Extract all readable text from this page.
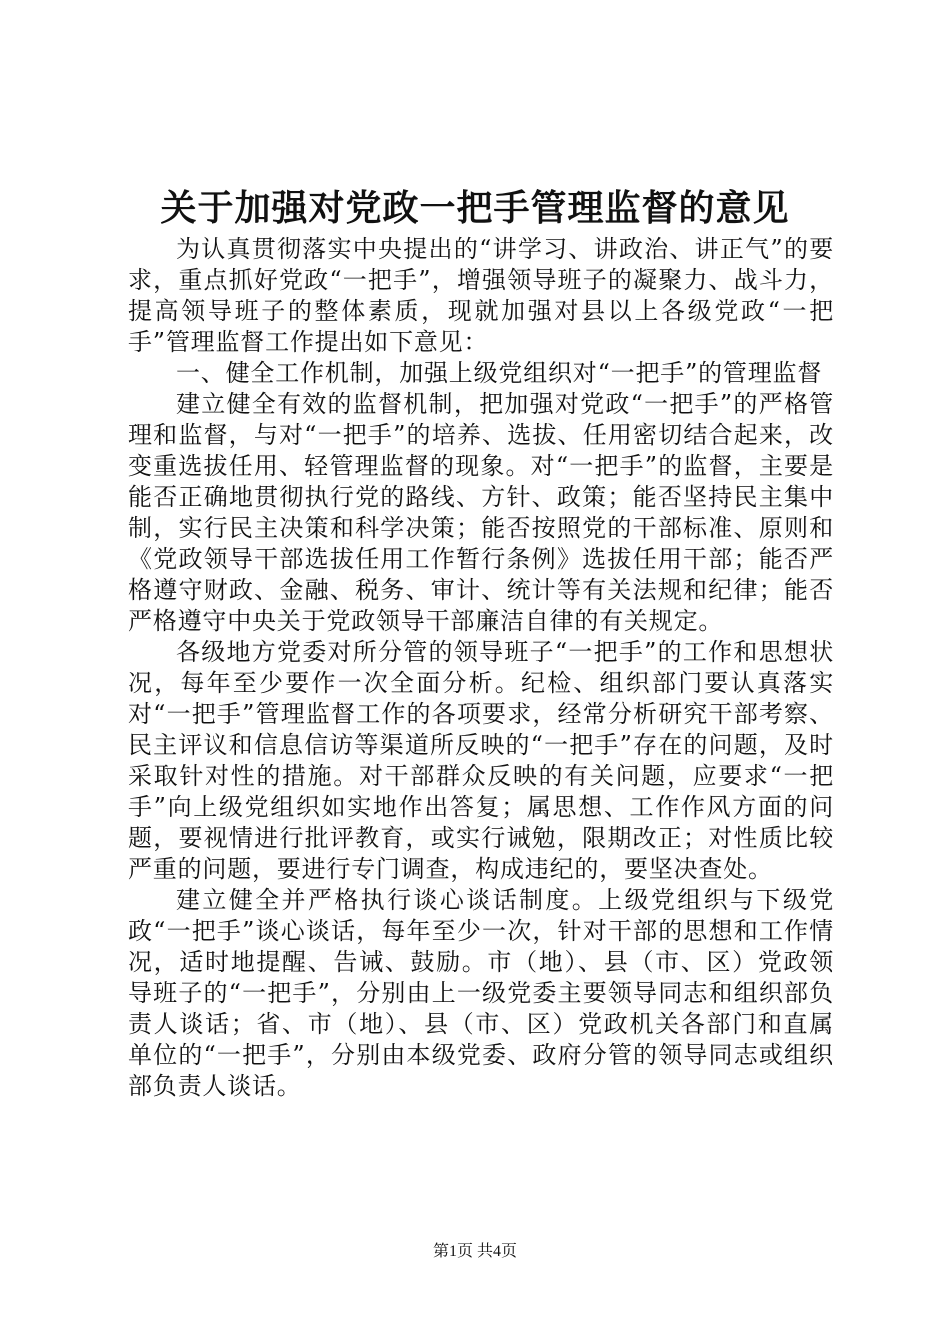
关于加强对党政一把手管理监督的意见

为认真贯彻落实中央提出的“讲学习、讲政治、讲正气”的要求，重点抓好党政“一把手”，增强领导班子的凝聚力、战斗力，提高领导班子的整体素质，现就加强对县以上各级党政“一把手”管理监督工作提出如下意见：

一、健全工作机制，加强上级党组织对“一把手”的管理监督

建立健全有效的监督机制，把加强对党政“一把手”的严格管理和监督，与对“一把手”的培养、选拔、任用密切结合起来，改变重选拔任用、轻管理监督的现象。对“一把手”的监督，主要是能否正确地贯彻执行党的路线、方针、政策；能否坚持民主集中制，实行民主决策和科学决策；能否按照党的干部标准、原则和《党政领导干部选拔任用工作暂行条例》选拔任用干部；能否严格遵守财政、金融、税务、审计、统计等有关法规和纪律；能否严格遵守中央关于党政领导干部廉洁自律的有关规定。

各级地方党委对所分管的领导班子“一把手”的工作和思想状况，每年至少要作一次全面分析。纪检、组织部门要认真落实对“一把手”管理监督工作的各项要求，经常分析研究干部考察、民主评议和信息信访等渠道所反映的“一把手”存在的问题，及时采取针对性的措施。对干部群众反映的有关问题，应要求“一把手”向上级党组织如实地作出答复；属思想、工作作风方面的问题，要视情进行批评教育，或实行诫勉，限期改正；对性质比较严重的问题，要进行专门调查，构成违纪的，要坚决查处。

建立健全并严格执行谈心谈话制度。上级党组织与下级党政“一把手”谈心谈话，每年至少一次，针对干部的思想和工作情况，适时地提醒、告诫、鼓励。市（地）、县（市、区）党政领导班子的“一把手”，分别由上一级党委主要领导同志和组织部负责人谈话；省、市（地）、县（市、区）党政机关各部门和直属单位的“一把手”，分别由本级党委、政府分管的领导同志或组织部负责人谈话。

第1页 共4页
